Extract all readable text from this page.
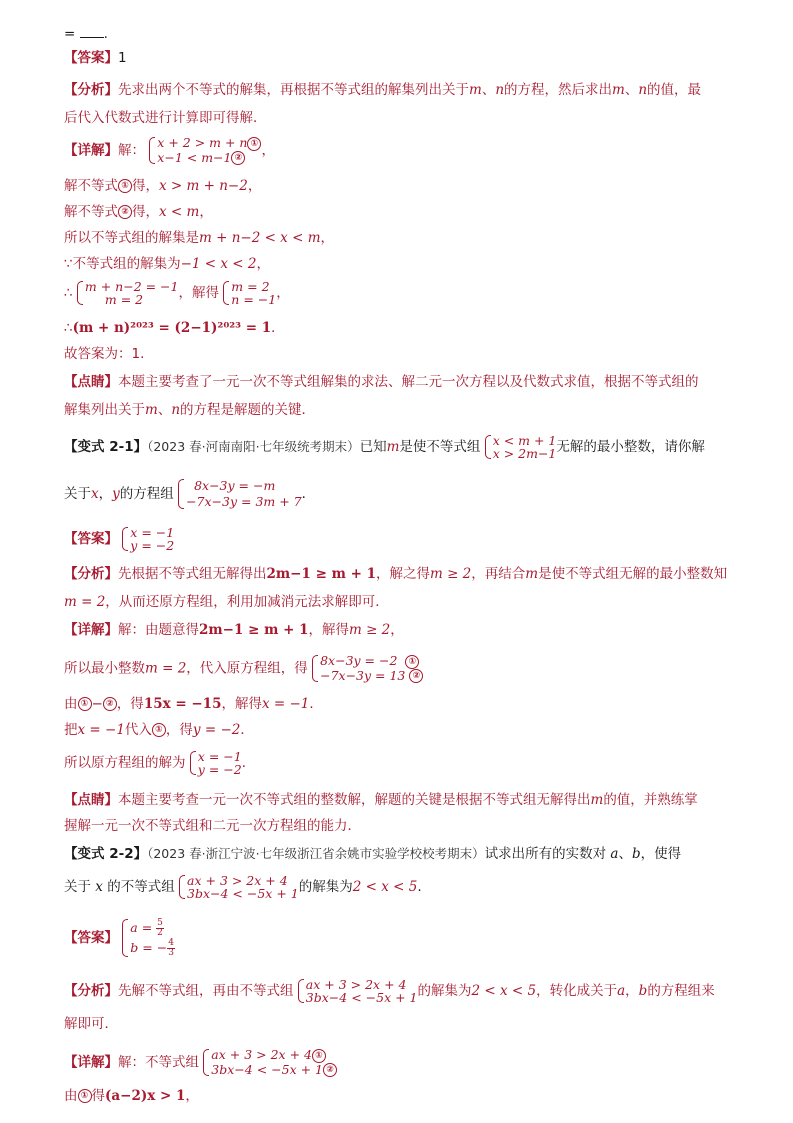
= .
【答案】1
【分析】先求出两个不等式的解集，再根据不等式组的解集列出关于m、n的方程，然后求出m、n的值，最
后代入代数式进行计算即可得解．
【详解】解： x + 2 > m + n ①
x−1 < m−1 ②	，
解不等式 ① 得，x > m + n−2，
解不等式 ② 得，x < m，
所以不等式组的解集是m + n−2 < x < m，
∵不等式组的解集为−1 < x < 2，
∴ m + n−2 = −1
m = 2	，解得 m = 2
n = −1 ，
∴(m + n)²⁰²³ = (2−1)²⁰²³ = 1．
故答案为：1.
【点睛】本题主要考查了一元一次不等式组解集的求法、解二元一次方程以及代数式求值，根据不等式组的
解集列出关于m、n的方程是解题的关键．
【变式 2-1】（2023 春·河南南阳·七年级统考期末）已知m是使不等式组 x < m + 1
x > 2m−1 无解的最小整数，请你解
关于x，y的方程组
8x−3y = −m
−7x−3y = 3m + 7 ．
【答案】 x = −1
y = −2
【分析】先根据不等式组无解得出2m−1 ≥ m + 1，解之得m ≥ 2，再结合m是使不等式组无解的最小整数知
m = 2，从而还原方程组，利用加减消元法求解即可．
【详解】解：由题意得2m−1 ≥ m + 1，解得m ≥ 2，
所以最小整数m = 2，代入原方程组，得 8x−3y = −2 ①
−7x−3y = 13 ②
由 ① − ② ，得15x = −15，解得x = −1．
把x = −1代入 ① ，得y = −2．
所以原方程组的解为 x = −1
y = −2 ．
【点睛】本题主要考查一元一次不等式组的整数解，解题的关键是根据不等式组无解得出m的值，并熟练掌
握解一元一次不等式组和二元一次方程组的能力．
【变式 2-2】（2023 春·浙江宁波·七年级浙江省余姚市实验学校校考期末）试求出所有的实数对 a、b，使得
关于 x 的不等式组 ax + 3 > 2x + 4
3bx−4 < −5x + 1 的解集为2 < x < 5.
【答案】
$a = \frac{5}{2}$
b = − $\frac{4}{3}$
【分析】先解不等式组，再由不等式组 ax + 3 > 2x + 4
3bx−4 < −5x + 1 的解集为2 < x < 5，转化成关于a，b的方程组来
解即可．
【详解】解：不等式组 ax + 3 > 2x + 4 ①
3bx−4 < −5x + 1 ②
由 ① 得(a−2)x > 1，
